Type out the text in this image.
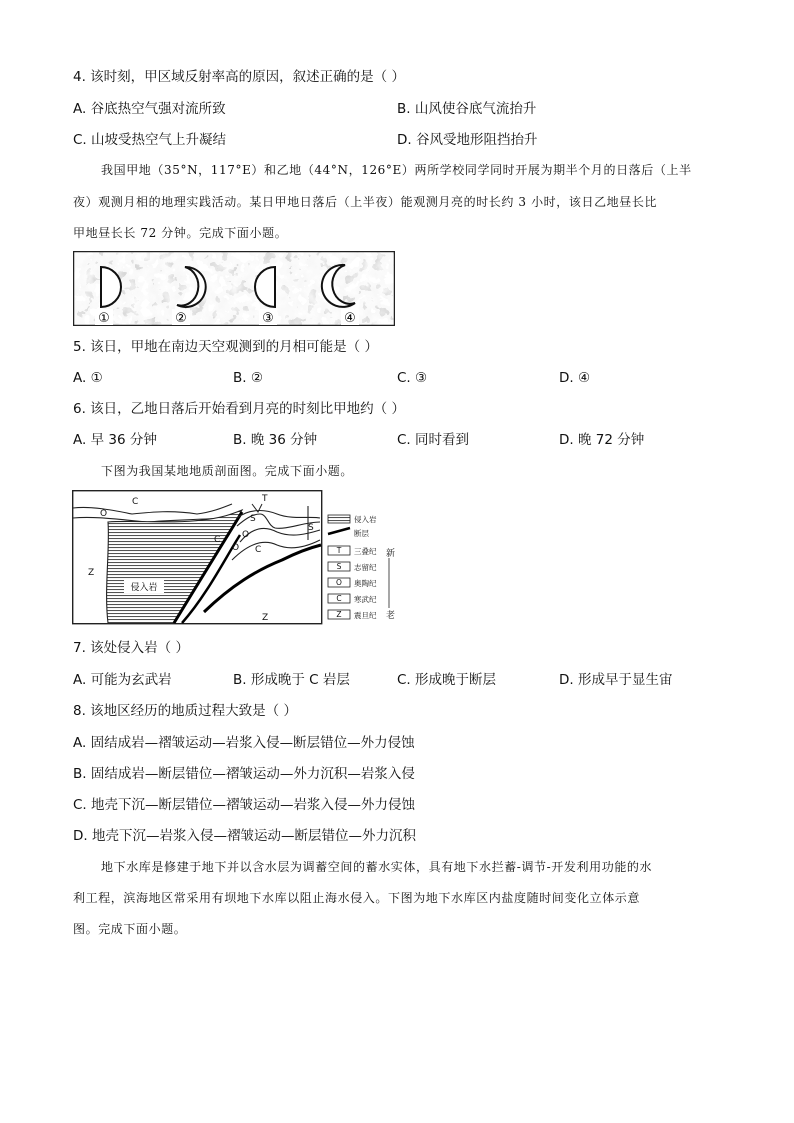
4. 该时刻，甲区域反射率高的原因，叙述正确的是（ ）
A. 谷底热空气强对流所致	B. 山风使谷底气流抬升
C. 山坡受热空气上升凝结	D. 谷风受地形阻挡抬升
我国甲地（35°N，117°E）和乙地（44°N，126°E）两所学校同学同时开展为期半个月的日落后（上半
夜）观测月相的地理实践活动。某日甲地日落后（上半夜）能观测月亮的时长约 3 小时，该日乙地昼长比
甲地昼长长 72 分钟。完成下面小题。
①	②	③	④
5. 该日，甲地在南边天空观测到的月相可能是（ ）
A. ①	B. ②	C. ③	D. ④
6. 该日，乙地日落后开始看到月亮的时刻比甲地约（ ）
A. 早 36 分钟	B. 晚 36 分钟	C. 同时看到	D. 晚 72 分钟
下图为我国某地地质剖面图。完成下面小题。
O
C	T
S
O
S
C
O C
Z
Z
侵入岩
侵入岩
断层
T 三叠纪
S 志留纪
O 奥陶纪
C 寒武纪
Z 震旦纪
新
老
7. 该处侵入岩（ ）
A. 可能为玄武岩	B. 形成晚于 C 岩层	C. 形成晚于断层	D. 形成早于显生宙
8. 该地区经历的地质过程大致是（ ）
A. 固结成岩—褶皱运动—岩浆入侵—断层错位—外力侵蚀
B. 固结成岩—断层错位—褶皱运动—外力沉积—岩浆入侵
C. 地壳下沉—断层错位—褶皱运动—岩浆入侵—外力侵蚀
D. 地壳下沉—岩浆入侵—褶皱运动—断层错位—外力沉积
地下水库是修建于地下并以含水层为调蓄空间的蓄水实体，具有地下水拦蓄-调节-开发利用功能的水
利工程，滨海地区常采用有坝地下水库以阻止海水侵入。下图为地下水库区内盐度随时间变化立体示意
图。完成下面小题。
